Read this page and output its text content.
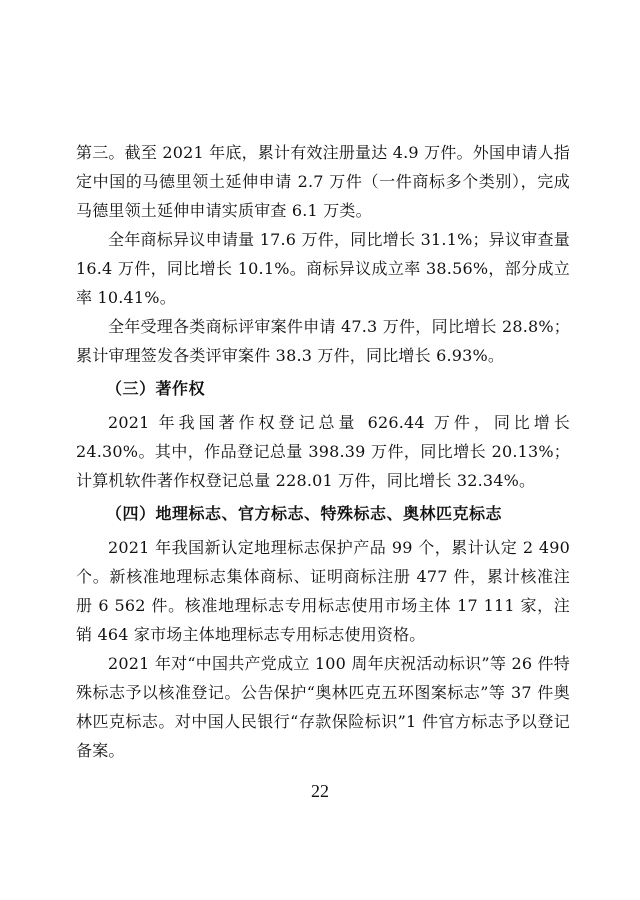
第三。截至 2021 年底，累计有效注册量达 4.9 万件。外国申请人指定中国的马德里领土延伸申请 2.7 万件（一件商标多个类别），完成马德里领土延伸申请实质审查 6.1 万类。

全年商标异议申请量 17.6 万件，同比增长 31.1%；异议审查量 16.4 万件，同比增长 10.1%。商标异议成立率 38.56%，部分成立率 10.41%。

全年受理各类商标评审案件申请 47.3 万件，同比增长 28.8%；累计审理签发各类评审案件 38.3 万件，同比增长 6.93%。

（三）著作权

2021 年我国著作权登记总量 626.44 万件，同比增长 24.30%。其中，作品登记总量 398.39 万件，同比增长 20.13%；计算机软件著作权登记总量 228.01 万件，同比增长 32.34%。

（四）地理标志、官方标志、特殊标志、奥林匹克标志

2021 年我国新认定地理标志保护产品 99 个，累计认定 2 490 个。新核准地理标志集体商标、证明商标注册 477 件，累计核准注册 6 562 件。核准地理标志专用标志使用市场主体 17 111 家，注销 464 家市场主体地理标志专用标志使用资格。

2021 年对“中国共产党成立 100 周年庆祝活动标识”等 26 件特殊标志予以核准登记。公告保护“奥林匹克五环图案标志”等 37 件奥林匹克标志。对中国人民银行“存款保险标识”1 件官方标志予以登记备案。

22
